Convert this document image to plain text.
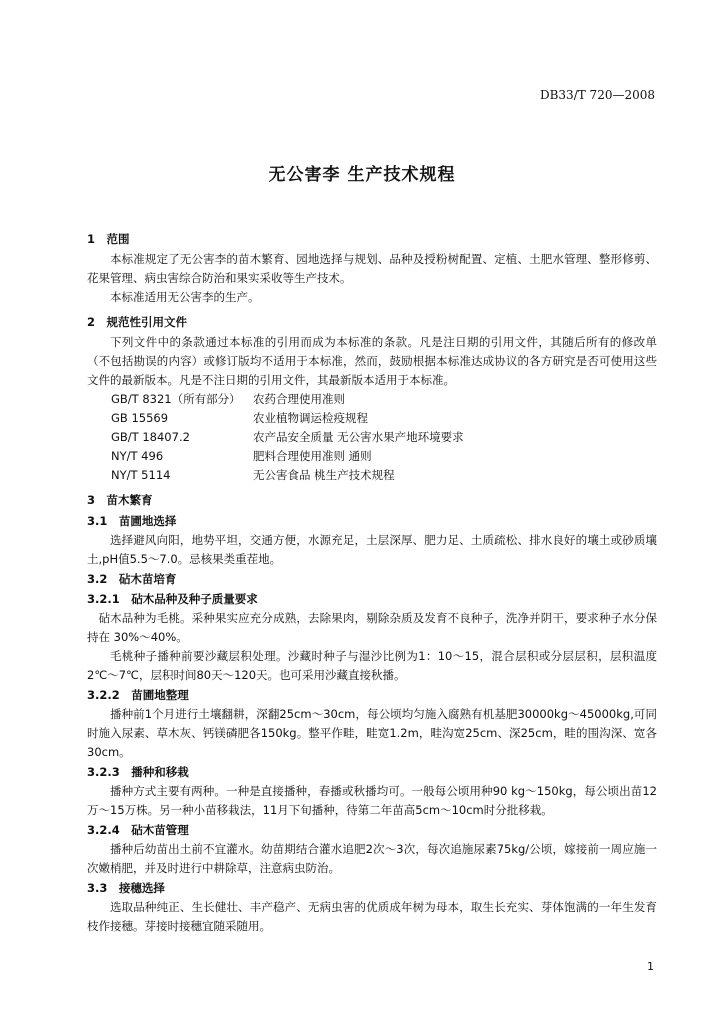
DB33/T 720—2008
无公害李 生产技术规程
1　范围
本标准规定了无公害李的苗木繁育、园地选择与规划、品种及授粉树配置、定植、土肥水管理、整形修剪、花果管理、病虫害综合防治和果实采收等生产技术。
本标准适用无公害李的生产。
2　规范性引用文件
下列文件中的条款通过本标准的引用而成为本标准的条款。凡是注日期的引用文件，其随后所有的修改单（不包括勘误的内容）或修订版均不适用于本标准，然而，鼓励根据本标准达成协议的各方研究是否可使用这些文件的最新版本。凡是不注日期的引用文件，其最新版本适用于本标准。
GB/T 8321（所有部分）	农药合理使用准则
GB 15569	农业植物调运检疫规程
GB/T 18407.2	农产品安全质量 无公害水果产地环境要求
NY/T 496	肥料合理使用准则 通则
NY/T 5114	无公害食品 桃生产技术规程
3　苗木繁育
3.1　苗圃地选择
选择避风向阳，地势平坦，交通方便，水源充足，土层深厚、肥力足、土质疏松、排水良好的壤土或砂质壤土,pH值5.5～7.0。忌核果类重茬地。
3.2　砧木苗培育
3.2.1　砧木品种及种子质量要求
砧木品种为毛桃。采种果实应充分成熟，去除果肉，剔除杂质及发育不良种子，洗净并阴干，要求种子水分保持在 30%～40%。
毛桃种子播种前要沙藏层积处理。沙藏时种子与湿沙比例为1：10～15，混合层积或分层层积，层积温度2℃～7℃，层积时间80天～120天。也可采用沙藏直接秋播。
3.2.2　苗圃地整理
播种前1个月进行土壤翻耕，深翻25cm～30cm，每公顷均匀施入腐熟有机基肥30000kg～45000kg,可同时施入尿素、草木灰、钙镁磷肥各150kg。整平作畦，畦宽1.2m，畦沟宽25cm、深25cm，畦的围沟深、宽各30cm。
3.2.3　播种和移栽
播种方式主要有两种。一种是直接播种，春播或秋播均可。一般每公顷用种90 kg～150kg，每公顷出苗12万～15万株。另一种小苗移栽法，11月下旬播种，待第二年苗高5cm～10cm时分批移栽。
3.2.4　砧木苗管理
播种后幼苗出土前不宜灌水。幼苗期结合灌水追肥2次～3次，每次追施尿素75kg/公顷，嫁接前一周应施一次嫩梢肥，并及时进行中耕除草，注意病虫防治。
3.3　接穗选择
选取品种纯正、生长健壮、丰产稳产、无病虫害的优质成年树为母本，取生长充实、芽体饱满的一年生发育枝作接穗。芽接时接穗宜随采随用。
1
